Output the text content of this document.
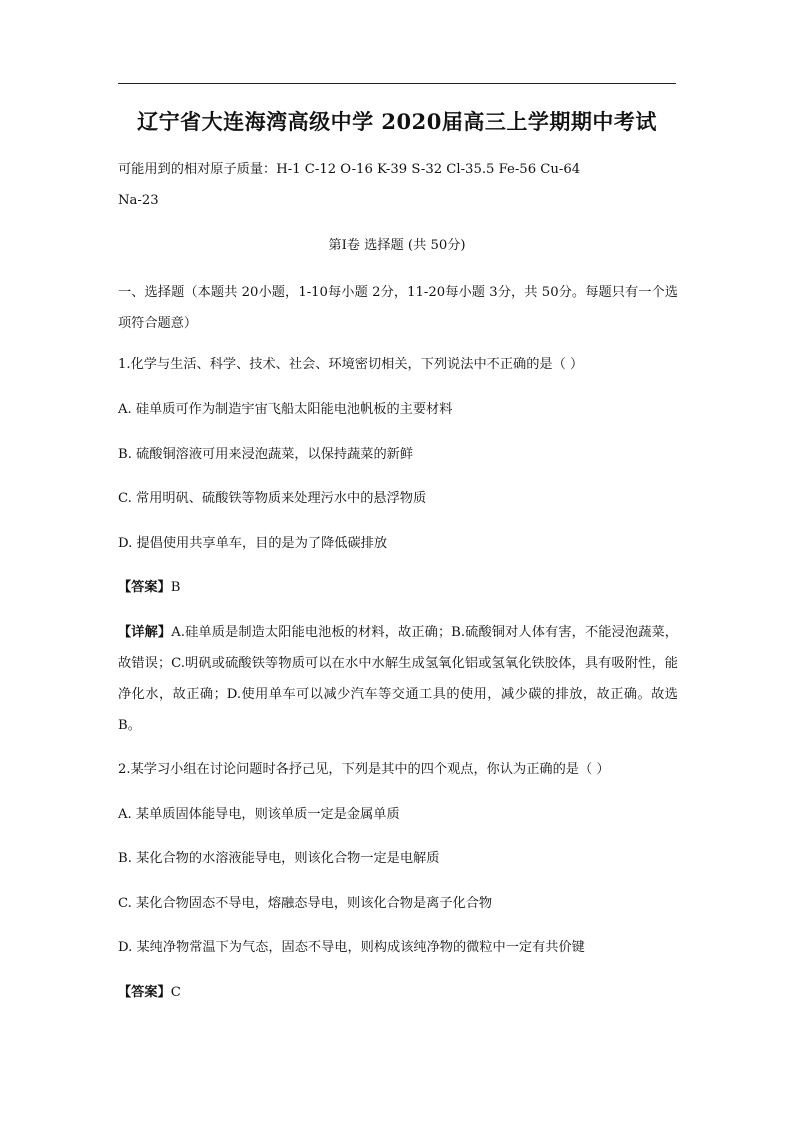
辽宁省大连海湾高级中学 2020届高三上学期期中考试
可能用到的相对原子质量：H-1 C-12 O-16 K-39 S-32 Cl-35.5 Fe-56 Cu-64
Na-23
第Ⅰ卷 选择题 (共 50分)
一、选择题（本题共 20小题，1-10每小题 2分，11-20每小题 3分，共 50分。每题只有一个选项符合题意）
1.化学与生活、科学、技术、社会、环境密切相关，下列说法中不正确的是（ ）
A. 硅单质可作为制造宇宙飞船太阳能电池帆板的主要材料
B. 硫酸铜溶液可用来浸泡蔬菜，以保持蔬菜的新鲜
C. 常用明矾、硫酸铁等物质来处理污水中的悬浮物质
D. 提倡使用共享单车，目的是为了降低碳排放
【答案】B
【详解】A.硅单质是制造太阳能电池板的材料，故正确；B.硫酸铜对人体有害，不能浸泡蔬菜，故错误；C.明矾或硫酸铁等物质可以在水中水解生成氢氧化铝或氢氧化铁胶体，具有吸附性，能净化水，故正确；D.使用单车可以减少汽车等交通工具的使用，减少碳的排放，故正确。故选 B。
2.某学习小组在讨论问题时各抒己见，下列是其中的四个观点，你认为正确的是（ ）
A. 某单质固体能导电，则该单质一定是金属单质
B. 某化合物的水溶液能导电，则该化合物一定是电解质
C. 某化合物固态不导电，熔融态导电，则该化合物是离子化合物
D. 某纯净物常温下为气态，固态不导电，则构成该纯净物的微粒中一定有共价键
【答案】C
